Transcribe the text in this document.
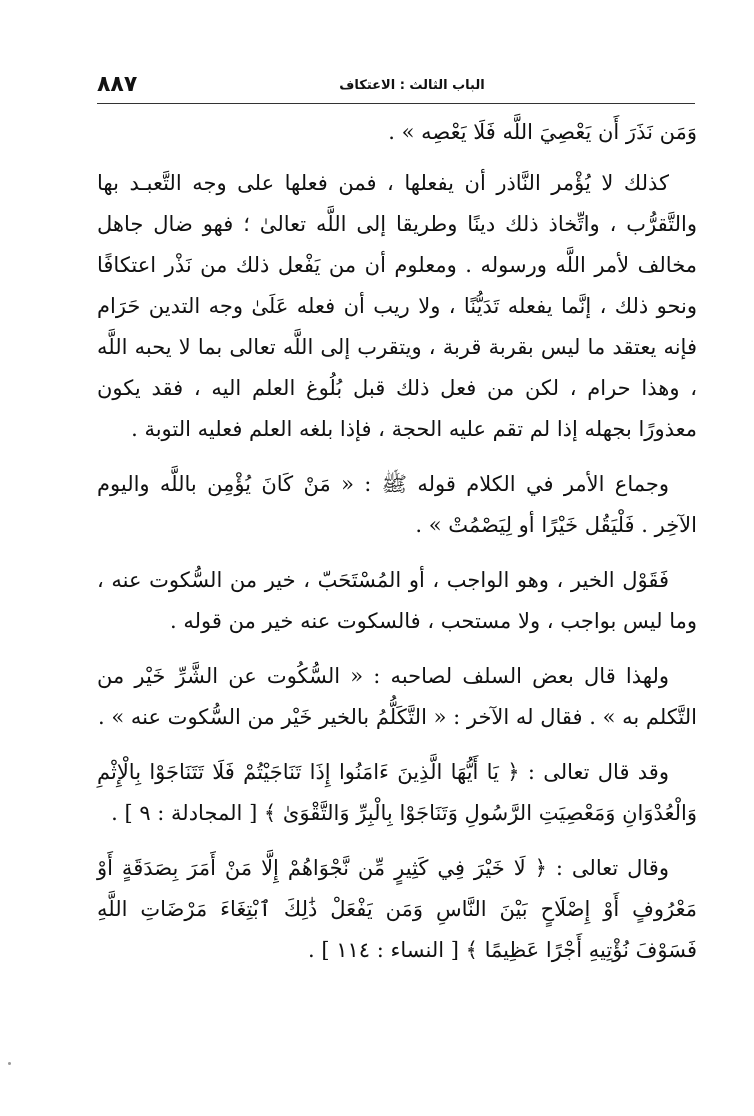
٨٨٧	الباب الثالث : الاعتكاف

وَمَن نَذَرَ أَن يَعْصِيَ اللَّه فَلَا يَعْصِه » .

كذلك لا يُؤْمر النَّاذر أن يفعلها ، فمن فعلها على وجه التَّعبـد بها والتَّقرُّب ، واتِّخاذ ذلك دينًا وطريقا إلى اللَّه تعالىٰ ؛ فهو ضال جاهل مخالف لأمر اللَّه ورسوله . ومعلوم أن من يَفْعل ذلك من نَذْر اعتكافًا ونحو ذلك ، إنَّما يفعله تَدَيُّنًا ، ولا ريب أن فعله عَلَىٰ وجه التدين حَرَام فإنه يعتقد ما ليس بقربة قربة ، ويتقرب إلى اللَّه تعالى بما لا يحبه اللَّه ، وهذا حرام ، لكن من فعل ذلك قبل بُلُوغ العلم اليه ، فقد يكون معذورًا بجهله إذا لم تقم عليه الحجة ، فإذا بلغه العلم فعليه التوبة .

وجماع الأمر في الكلام قوله ﷺ : « مَنْ كَانَ يُؤْمِن باللَّه واليوم الآخِر . فَلْيَقُل خَيْرًا أو لِيَصْمُتْ » .

فَقَوْل الخير ، وهو الواجب ، أو المُسْتَحَبّ ، خير من السُّكوت عنه ، وما ليس بواجب ، ولا مستحب ، فالسكوت عنه خير من قوله .

ولهذا قال بعض السلف لصاحبه : « السُّكُوت عن الشَّرِّ خَيْر من التَّكلم به » . فقال له الآخر : « التَّكَلُّمُ بالخير خَيْر من السُّكوت عنه » .

وقد قال تعالى : ﴿ يَا أَيُّهَا الَّذِينَ ءَامَنُوا إِذَا تَنَاجَيْتُمْ فَلَا تَتَنَاجَوْا بِالْإِثْمِ وَالْعُدْوَانِ وَمَعْصِيَتِ الرَّسُولِ وَتَنَاجَوْا بِالْبِرِّ وَالتَّقْوَىٰ ﴾ [ المجادلة : ٩ ] .

وقال تعالى : ﴿ لَا خَيْرَ فِي كَثِيرٍ مِّن نَّجْوَاهُمْ إِلَّا مَنْ أَمَرَ بِصَدَقَةٍ أَوْ مَعْرُوفٍ أَوْ إِصْلَاحٍ بَيْنَ النَّاسِ وَمَن يَفْعَلْ ذَٰلِكَ ٱبْتِغَاءَ مَرْضَاتِ اللَّهِ فَسَوْفَ نُؤْتِيهِ أَجْرًا عَظِيمًا ﴾ [ النساء : ١١٤ ] .
